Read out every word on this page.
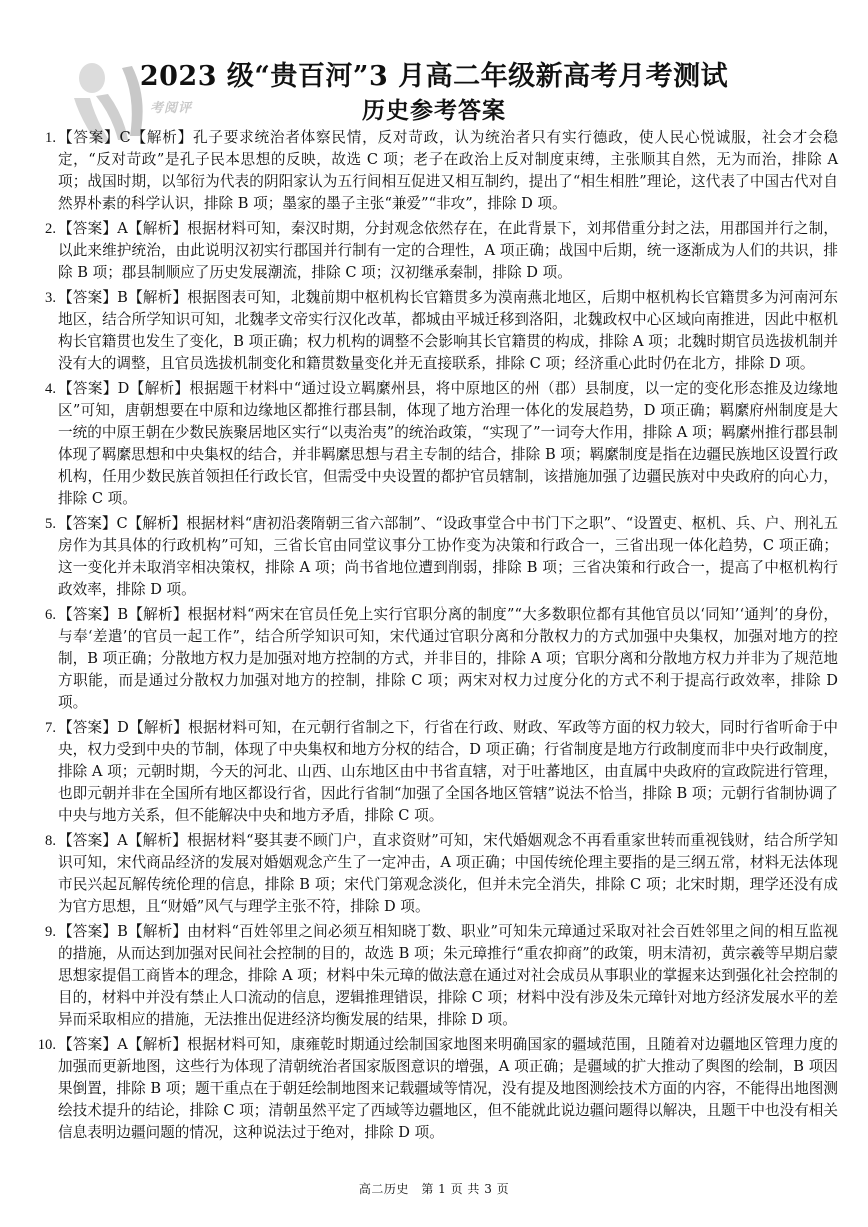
考阅评
2023 级“贵百河”3 月高二年级新高考月考测试
历史参考答案
1. 【答案】C【解析】孔子要求统治者体察民情，反对苛政，认为统治者只有实行德政，使人民心悦诚服，社会才会稳定，“反对苛政”是孔子民本思想的反映，故选 C 项；老子在政治上反对制度束缚，主张顺其自然，无为而治，排除 A 项；战国时期，以邹衍为代表的阴阳家认为五行间相互促进又相互制约，提出了“相生相胜”理论，这代表了中国古代对自然界朴素的科学认识，排除 B 项；墨家的墨子主张“兼爱”“非攻”，排除 D 项。
2. 【答案】A【解析】根据材料可知，秦汉时期，分封观念依然存在，在此背景下，刘邦借重分封之法，用郡国并行之制，以此来维护统治，由此说明汉初实行郡国并行制有一定的合理性，A 项正确；战国中后期，统一逐渐成为人们的共识，排除 B 项；郡县制顺应了历史发展潮流，排除 C 项；汉初继承秦制，排除 D 项。
3. 【答案】B【解析】根据图表可知，北魏前期中枢机构长官籍贯多为漠南燕北地区，后期中枢机构长官籍贯多为河南河东地区，结合所学知识可知，北魏孝文帝实行汉化改革，都城由平城迁移到洛阳，北魏政权中心区域向南推进，因此中枢机构长官籍贯也发生了变化，B 项正确；权力机构的调整不会影响其长官籍贯的构成，排除 A 项；北魏时期官员选拔机制并没有大的调整，且官员选拔机制变化和籍贯数量变化并无直接联系，排除 C 项；经济重心此时仍在北方，排除 D 项。
4. 【答案】D【解析】根据题干材料中“通过设立羁縻州县，将中原地区的州（郡）县制度，以一定的变化形态推及边缘地区”可知，唐朝想要在中原和边缘地区都推行郡县制，体现了地方治理一体化的发展趋势，D 项正确；羁縻府州制度是大一统的中原王朝在少数民族聚居地区实行“以夷治夷”的统治政策，“实现了”一词夸大作用，排除 A 项；羁縻州推行郡县制体现了羁縻思想和中央集权的结合，并非羁縻思想与君主专制的结合，排除 B 项；羁縻制度是指在边疆民族地区设置行政机构，任用少数民族首领担任行政长官，但需受中央设置的都护官员辖制，该措施加强了边疆民族对中央政府的向心力，排除 C 项。
5. 【答案】C【解析】根据材料“唐初沿袭隋朝三省六部制”、“设政事堂合中书门下之职”、“设置吏、枢机、兵、户、刑礼五房作为其具体的行政机构”可知，三省长官由同堂议事分工协作变为决策和行政合一，三省出现一体化趋势，C 项正确；这一变化并未取消宰相决策权，排除 A 项；尚书省地位遭到削弱，排除 B 项；三省决策和行政合一，提高了中枢机构行政效率，排除 D 项。
6. 【答案】B【解析】根据材料“两宋在官员任免上实行官职分离的制度”“大多数职位都有其他官员以‘同知’‘通判’的身份，与奉‘差遣’的官员一起工作”，结合所学知识可知，宋代通过官职分离和分散权力的方式加强中央集权，加强对地方的控制，B 项正确；分散地方权力是加强对地方控制的方式，并非目的，排除 A 项；官职分离和分散地方权力并非为了规范地方职能，而是通过分散权力加强对地方的控制，排除 C 项；两宋对权力过度分化的方式不利于提高行政效率，排除 D 项。
7. 【答案】D【解析】根据材料可知，在元朝行省制之下，行省在行政、财政、军政等方面的权力较大，同时行省听命于中央，权力受到中央的节制，体现了中央集权和地方分权的结合，D 项正确；行省制度是地方行政制度而非中央行政制度，排除 A 项；元朝时期，今天的河北、山西、山东地区由中书省直辖，对于吐蕃地区，由直属中央政府的宣政院进行管理，也即元朝并非在全国所有地区都设行省，因此行省制“加强了全国各地区管辖”说法不恰当，排除 B 项；元朝行省制协调了中央与地方关系，但不能解决中央和地方矛盾，排除 C 项。
8. 【答案】A【解析】根据材料“娶其妻不顾门户，直求资财”可知，宋代婚姻观念不再看重家世转而重视钱财，结合所学知识可知，宋代商品经济的发展对婚姻观念产生了一定冲击，A 项正确；中国传统伦理主要指的是三纲五常，材料无法体现市民兴起瓦解传统伦理的信息，排除 B 项；宋代门第观念淡化，但并未完全消失，排除 C 项；北宋时期，理学还没有成为官方思想，且“财婚”风气与理学主张不符，排除 D 项。
9. 【答案】B【解析】由材料“百姓邻里之间必须互相知晓丁数、职业”可知朱元璋通过采取对社会百姓邻里之间的相互监视的措施，从而达到加强对民间社会控制的目的，故选 B 项；朱元璋推行“重农抑商”的政策，明末清初，黄宗羲等早期启蒙思想家提倡工商皆本的理念，排除 A 项；材料中朱元璋的做法意在通过对社会成员从事职业的掌握来达到强化社会控制的目的，材料中并没有禁止人口流动的信息，逻辑推理错误，排除 C 项；材料中没有涉及朱元璋针对地方经济发展水平的差异而采取相应的措施，无法推出促进经济均衡发展的结果，排除 D 项。
10. 【答案】A【解析】根据材料可知，康雍乾时期通过绘制国家地图来明确国家的疆域范围，且随着对边疆地区管理力度的加强而更新地图，这些行为体现了清朝统治者国家版图意识的增强，A 项正确；是疆域的扩大推动了舆图的绘制，B 项因果倒置，排除 B 项；题干重点在于朝廷绘制地图来记载疆域等情况，没有提及地图测绘技术方面的内容，不能得出地图测绘技术提升的结论，排除 C 项；清朝虽然平定了西域等边疆地区，但不能就此说边疆问题得以解决，且题干中也没有相关信息表明边疆问题的情况，这种说法过于绝对，排除 D 项。
高二历史　第 1 页 共 3 页
